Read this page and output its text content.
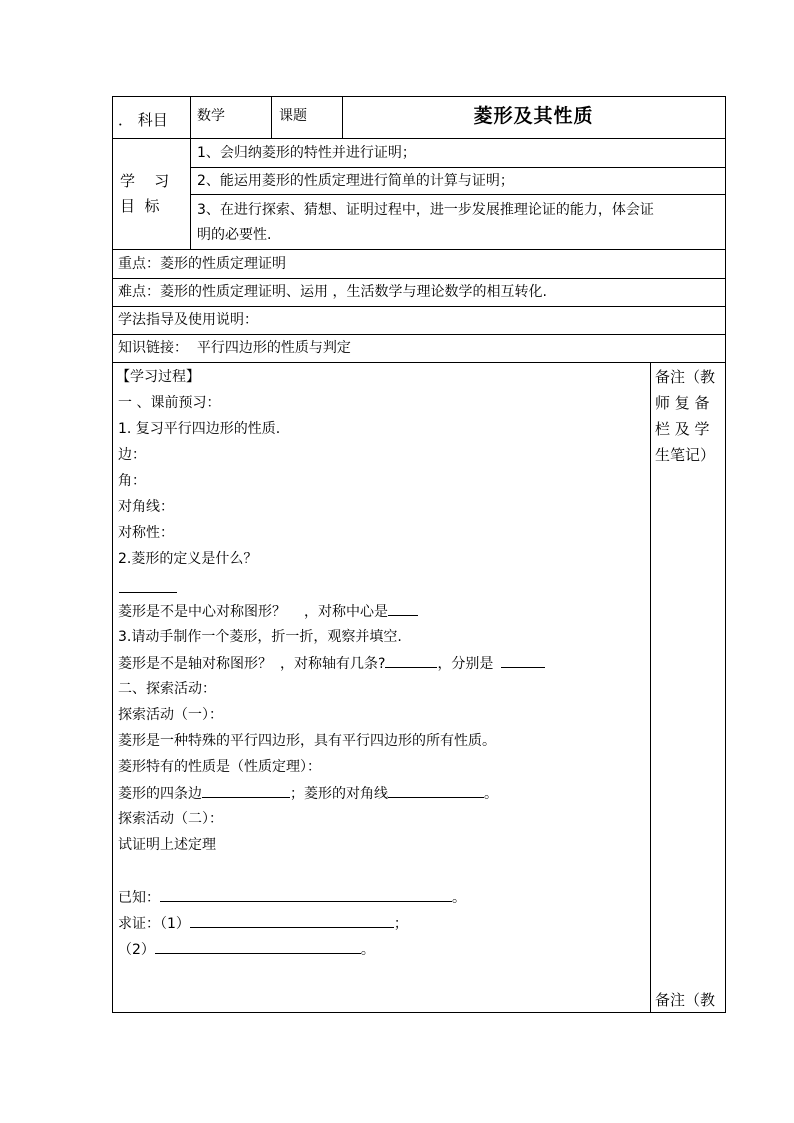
． 科目 数学	课题	菱形及其性质
学    习
目  标
1、会归纳菱形的特性并进行证明；
2、能运用菱形的性质定理进行简单的计算与证明；
3、在进行探索、猜想、证明过程中，进一步发展推理论证的能力，体会证
明的必要性.
重点：菱形的性质定理证明
难点：菱形的性质定理证明、运用 ，生活数学与理论数学的相互转化.
学法指导及使用说明：
知识链接：  平行四边形的性质与判定
【学习过程】
一 、课前预习：
1. 复习平行四边形的性质.
边：
角：
对角线：
对称性：
2.菱形的定义是什么？
菱形是不是中心对称图形？ ，对称中心是
3.请动手制作一个菱形，折一折，观察并填空.
菱形是不是轴对称图形？ ，对称轴有几条?	，分别是
二、探索活动：
探索活动（一）：
菱形是一种特殊的平行四边形，具有平行四边形的所有性质。
菱形特有的性质是（性质定理）：
菱形的四条边	；菱形的对角线	。
探索活动（二）：
试证明上述定理
已知：	。
求证：（1）	；
（2）	。
备注（教
师 复 备
栏 及 学
生笔记）
备注（教
